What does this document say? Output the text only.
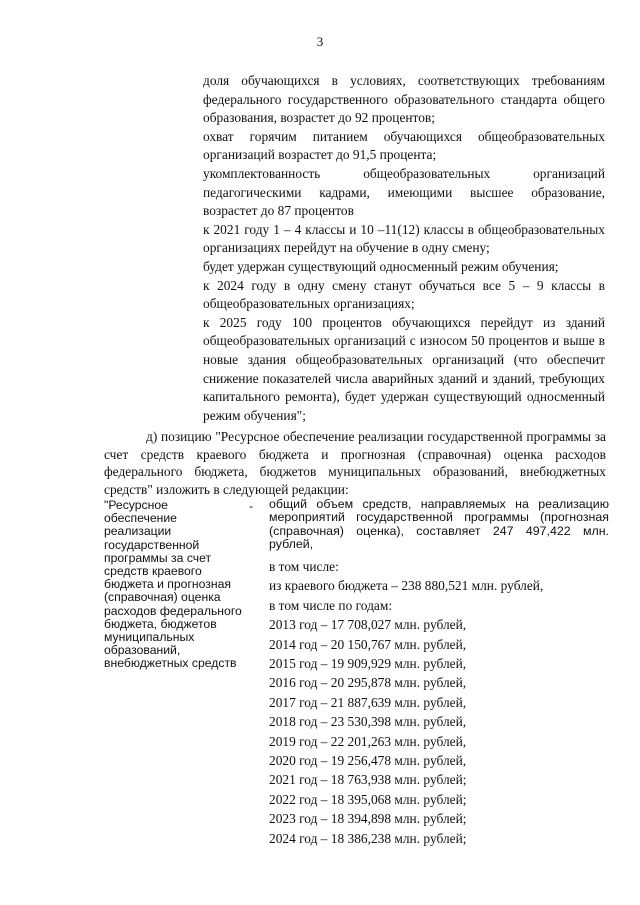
3

доля обучающихся в условиях, соответствующих требованиям федерального государственного образовательного стандарта общего образования, возрастет до 92 процентов;

охват горячим питанием обучающихся общеобразовательных организаций возрастет до 91,5 процента;

укомплектованность общеобразовательных организаций педагогическими кадрами, имеющими высшее образование, возрастет до 87 процентов

к 2021 году 1 – 4 классы и 10 –11(12) классы в общеобразовательных организациях перейдут на обучение в одну смену;

будет удержан существующий односменный режим обучения;

к 2024 году в одну смену станут обучаться все 5 – 9 классы в общеобразовательных организациях;

к 2025 году 100 процентов обучающихся перейдут из зданий общеобразовательных организаций с износом 50 процентов и выше в новые здания общеобразовательных организаций (что обеспечит снижение показателей числа аварийных зданий и зданий, требующих капитального ремонта), будет удержан существующий односменный режим обучения";

д) позицию "Ресурсное обеспечение реализации государственной программы за счет средств краевого бюджета и прогнозная (справочная) оценка расходов федерального бюджета, бюджетов муниципальных образований, внебюджетных средств" изложить в следующей редакции:

"Ресурсное обеспечение реализации государственной программы за счет средств краевого бюджета и прогнозная (справочная) оценка расходов федерального бюджета, бюджетов муниципальных образований, внебюджетных средств
- общий объем средств, направляемых на реализацию мероприятий государственной программы (прогнозная (справочная) оценка), составляет 247 497,422 млн. рублей,

в том числе:
из краевого бюджета – 238 880,521 млн. рублей,
в том числе по годам:
2013 год – 17 708,027 млн. рублей,
2014 год – 20 150,767 млн. рублей,
2015 год – 19 909,929 млн. рублей,
2016 год – 20 295,878 млн. рублей,
2017 год – 21 887,639 млн. рублей,
2018 год – 23 530,398 млн. рублей,
2019 год – 22 201,263 млн. рублей,
2020 год – 19 256,478 млн. рублей,
2021 год – 18 763,938 млн. рублей;
2022 год – 18 395,068 млн. рублей;
2023 год – 18 394,898 млн. рублей;
2024 год – 18 386,238 млн. рублей;
